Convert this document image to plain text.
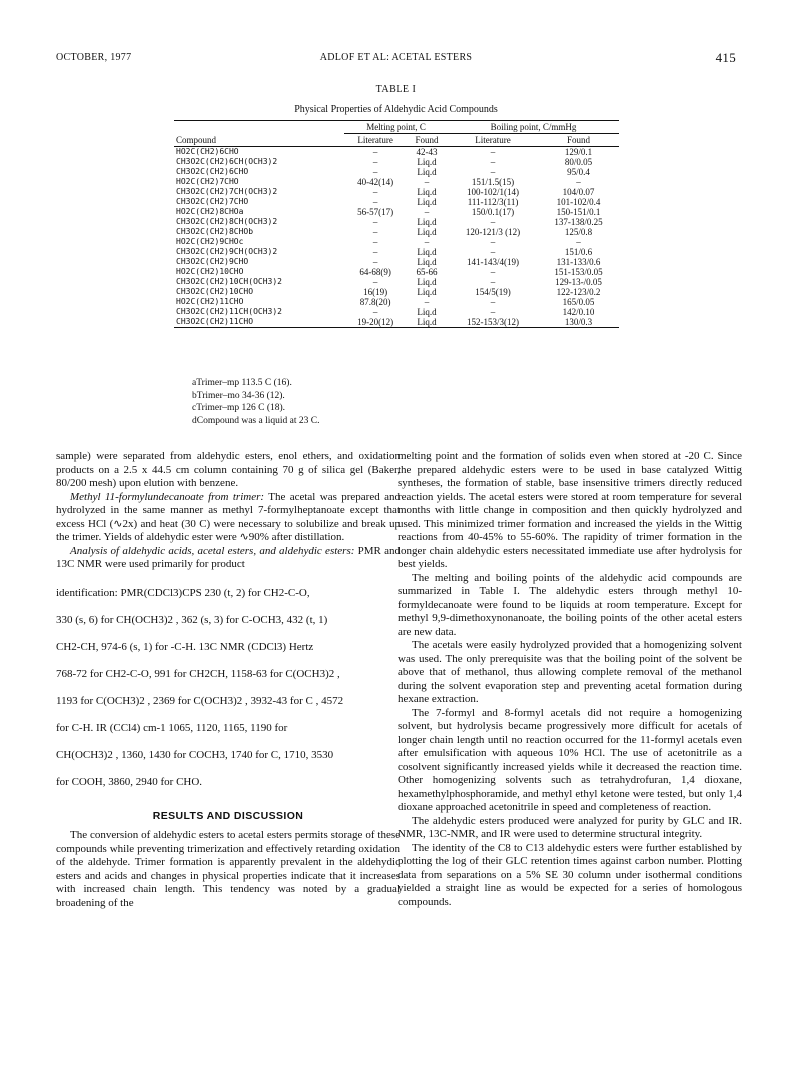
OCTOBER, 1977	ADLOF ET AL: ACETAL ESTERS	415
TABLE I
Physical Properties of Aldehydic Acid Compounds
	Melting point, C		Boiling point, C/mmHg	
Compound	Literature	Found	Literature	Found
HO2C(CH2)6CHO	–	42-43	–	129/0.1
CH3O2C(CH2)6CH(OCH3)2	–	Liq.d	–	80/0.05
CH3O2C(CH2)6CHO	–	Liq.d	–	95/0.4
HO2C(CH2)7CHO	40-42(14)	–	151/1.5(15)	–
CH3O2C(CH2)7CH(OCH3)2	–	Liq.d	100-102/1(14)	104/0.07
CH3O2C(CH2)7CHO	–	Liq.d	111-112/3(11)	101-102/0.4
HO2C(CH2)8CHOa	56-57(17)	–	150/0.1(17)	150-151/0.1
CH3O2C(CH2)8CH(OCH3)2	–	Liq.d	–	137-138/0.25
CH3O2C(CH2)8CHOb	–	Liq.d	120-121/3 (12)	125/0.8
HO2C(CH2)9CHOc	–	–	–	–
CH3O2C(CH2)9CH(OCH3)2	–	Liq.d	–	151/0.6
CH3O2C(CH2)9CHO	–	Liq.d	141-143/4(19)	131-133/0.6
HO2C(CH2)10CHO	64-68(9)	65-66	–	151-153/0.05
CH3O2C(CH2)10CH(OCH3)2	–	Liq.d	–	129-13-/0.05
CH3O2C(CH2)10CHO	16(19)	Liq.d	154/5(19)	122-123/0.2
HO2C(CH2)11CHO	87.8(20)	–	–	165/0.05
CH3O2C(CH2)11CH(OCH3)2	–	Liq.d	–	142/0.10
CH3O2C(CH2)11CHO	19-20(12)	Liq.d	152-153/3(12)	130/0.3

aTrimer–mp 113.5 C (16).
bTrimer–mo 34-36 (12).
cTrimer–mp 126 C (18).
dCompound was a liquid at 23 C.

sample) were separated from aldehydic esters, enol ethers, and oxidation products on a 2.5 x 44.5 cm column containing 70 g of silica gel (Baker, 80/200 mesh) upon elution with benzene.

Methyl 11-formylundecanoate from trimer: The acetal was prepared and hydrolyzed in the same manner as methyl 7-formylheptanoate except that excess HCl (∿2x) and heat (30 C) were necessary to solubilize and break up the trimer. Yields of aldehydic ester were ∿90% after distillation.

Analysis of aldehydic acids, acetal esters, and aldehydic esters: PMR and 13C NMR were used primarily for product

identification: PMR(CDCl3)CPS 230 (t, 2) for CH2-C-O,

330 (s, 6) for CH(OCH3)2 , 362 (s, 3) for C-OCH3, 432 (t, 1)

CH2-CH, 974-6 (s, 1) for -C-H. 13C NMR (CDCl3) Hertz

768-72 for CH2-C-O, 991 for CH2CH, 1158-63 for C(OCH3)2 ,

1193 for C(OCH3)2 , 2369 for C(OCH3)2 , 3932-43 for C , 4572

for C-H. IR (CCl4) cm-1 1065, 1120, 1165, 1190 for

CH(OCH3)2 , 1360, 1430 for COCH3, 1740 for C, 1710, 3530

for COOH, 3860, 2940 for CHO.

RESULTS AND DISCUSSION

The conversion of aldehydic esters to acetal esters permits storage of these compounds while preventing trimerization and effectively retarding oxidation of the aldehyde. Trimer formation is apparently prevalent in the aldehydic esters and acids and changes in physical properties indicate that it increases with increased chain length. This tendency was noted by a gradual broadening of the

melting point and the formation of solids even when stored at -20 C. Since the prepared aldehydic esters were to be used in base catalyzed Wittig syntheses, the formation of stable, base insensitive trimers directly reduced reaction yields. The acetal esters were stored at room temperature for several months with little change in composition and then quickly hydrolyzed and used. This minimized trimer formation and increased the yields in the Wittig reactions from 40-45% to 55-60%. The rapidity of trimer formation in the longer chain aldehydic esters necessitated immediate use after hydrolysis for best yields.

The melting and boiling points of the aldehydic acid compounds are summarized in Table I. The aldehydic esters through methyl 10-formyldecanoate were found to be liquids at room temperature. Except for methyl 9,9-dimethoxynonanoate, the boiling points of the other acetal esters are new data.

The acetals were easily hydrolyzed provided that a homogenizing solvent was used. The only prerequisite was that the boiling point of the solvent be above that of methanol, thus allowing complete removal of the methanol during the solvent evaporation step and preventing acetal formation during hexane extraction.

The 7-formyl and 8-formyl acetals did not require a homogenizing solvent, but hydrolysis became progressively more difficult for acetals of longer chain length until no reaction occurred for the 11-formyl acetals even after emulsification with aqueous 10% HCl. The use of acetonitrile as a cosolvent significantly increased yields while it decreased the reaction time. Other homogenizing solvents such as tetrahydrofuran, 1,4 dioxane, hexamethylphosphoramide, and methyl ethyl ketone were tested, but only 1,4 dioxane approached acetonitrile in speed and completeness of reaction.

The aldehydic esters produced were analyzed for purity by GLC and IR. NMR, 13C-NMR, and IR were used to determine structural integrity.

The identity of the C8 to C13 aldehydic esters were further established by plotting the log of their GLC retention times against carbon number. Plotting data from separations on a 5% SE 30 column under isothermal conditions yielded a straight line as would be expected for a series of homologous compounds.
